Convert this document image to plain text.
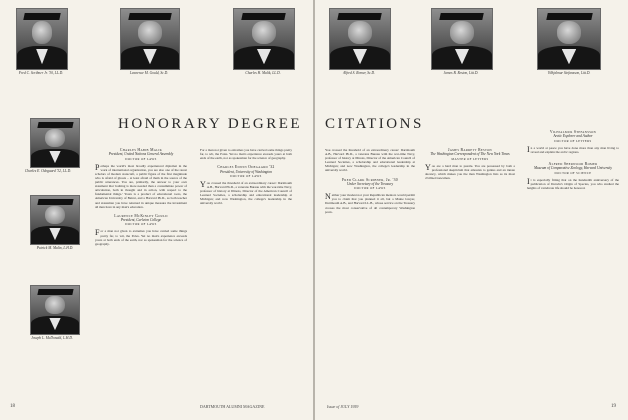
Fred C. Scribner Jr. '30, LL.D.	Lawrence M. Gould, Sc.D.	Charles H. Malik, LL.D.
Charles E. Odegaard '32, LL.D.
Patrick M. Malin, L.H.D.
Joseph L. McDonald, L.H.D.
HONORARY DEGREE
Charles Habib Malik
President, United Nations General Assembly
DOCTOR OF LAWS

Perhaps the world's most broadly experienced diplomat in the work of international organization, you are also one of the rarest scholars of modern statecraft, a public figure of the first magnitude who is afraid of ghosts – at least afraid of them in the source of the public utterances. You are, primarily, the answer to your own statement that 'nothing is more needed than a consummate power of articulation, both in thought and in action, with respect to the fundamental things.' Yours is a product of educational roots, the American University of Beirut, and a Harvard Ph.D., as both teacher and statesman you have returned in unique measure the investment all men have in any man's education.

Laurence McKinley Gould
President, Carleton College
DOCTOR OF LAWS

For a man not given to extremes you have carried some things pretty far, to wit, the Poles. Yet no man's experience exceeds yours at both ends of the earth, nor as spokesman for the science of geography.

For a man not given to extremes you have carried some things pretty far, to wit, the Poles. Yet no man's experience exceeds yours at both ends of the earth, nor as spokesman for the science of geography.

Charles Edwin Odegaard '32
President, University of Washington
DOCTOR OF LAWS

You crossed the threshold of an extraordinary career: Dartmouth A.B., Harvard Ph.D., a veterans Bureau with the war-time Navy, professor of history at Illinois, Director of the American Council of Learned Societies, a scholarship and educational leadership at Michigan; and now Washington, the college's leadership in the university world.

18	DARTMOUTH ALUMNI MAGAZINE
Alfred S. Romer, Sc.D.	James B. Reston, Litt.D.	Vilhjalmur Stefansson, Litt.D.
CITATIONS

You crossed the threshold of an extraordinary career: Dartmouth A.B., Harvard Ph.D., a veterans Bureau with the war-time Navy, professor of history at Illinois, Director of the American Council of Learned Societies, a scholarship and educational leadership at Michigan; and now Washington, the college's leadership in the university world.

Fred Clark Scribner, Jr. '30
Under Secretary of the Treasury
DOCTOR OF LAWS

Neither your modest nor your Republican mentors would permit you to claim that you planned it all, but a Maine lawyer, Dartmouth A.B., and Harvard LL.B., whose service on the Treasury crosses the most conservative of all contemporary Washington posts.

James Barrett Reston
The Washington Correspondent of The New York Times
MASTER OF LETTERS

You are a hard man to puzzle. You are possessed by both a professional skepticism that amounts to genius and an innate decency, which makes you the man Washington lists as its most civilized newsman.

Vilhjalmur Stefansson
Arctic Explorer and Author
DOCTOR OF LETTERS

In a world at peace you have done more than any man living to reveal and explain the arctic regions.

Alfred Sherwood Romer
Museum of Comparative Zoology, Harvard University
DOCTOR OF SCIENCE

It is especially fitting that on the hundredth anniversary of the publication of Darwin's Origin of Species, you who studied the heights of vertebrate life should be honored.

Issue of JULY 1959	19
